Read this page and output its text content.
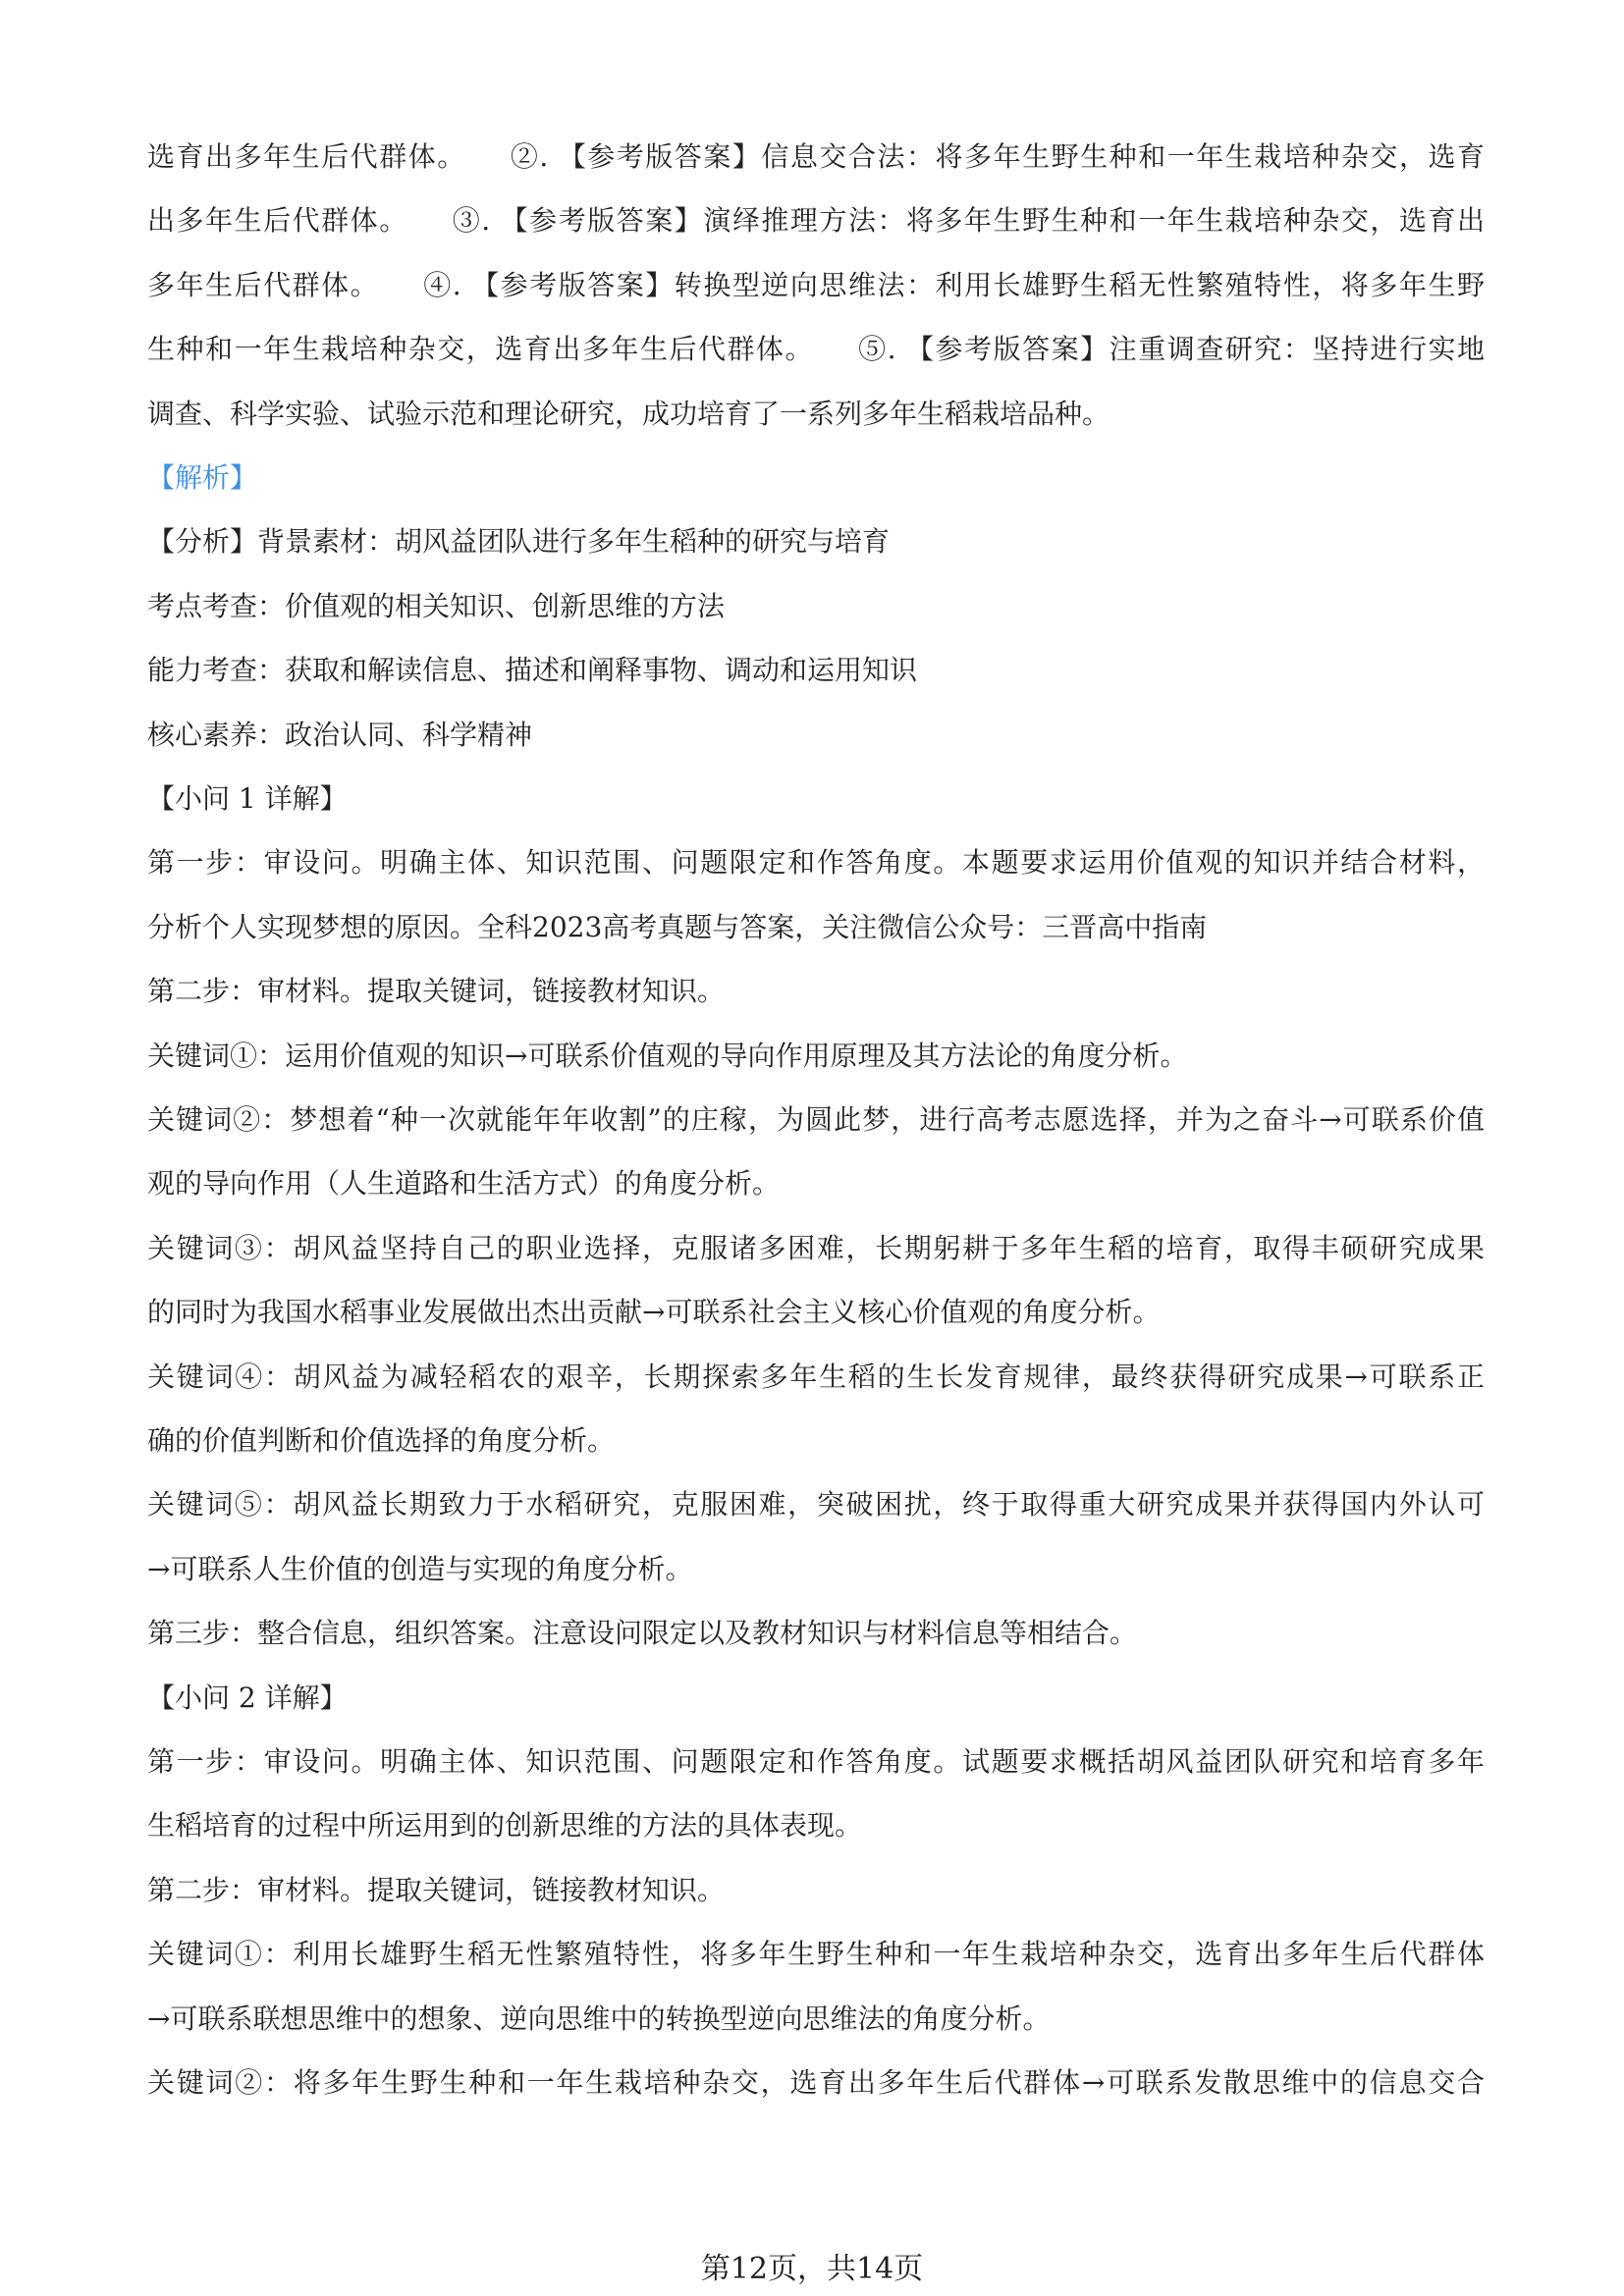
选育出多年生后代群体。　　②. 【参考版答案】信息交合法：将多年生野生种和一年生栽培种杂交，选育
出多年生后代群体。　　③. 【参考版答案】演绎推理方法：将多年生野生种和一年生栽培种杂交，选育出
多年生后代群体。　　④. 【参考版答案】转换型逆向思维法：利用长雄野生稻无性繁殖特性，将多年生野
生种和一年生栽培种杂交，选育出多年生后代群体。　　⑤. 【参考版答案】注重调查研究：坚持进行实地
调查、科学实验、试验示范和理论研究，成功培育了一系列多年生稻栽培品种。
【解析】
【分析】背景素材：胡风益团队进行多年生稻种的研究与培育
考点考查：价值观的相关知识、创新思维的方法
能力考查：获取和解读信息、描述和阐释事物、调动和运用知识
核心素养：政治认同、科学精神
【小问 1 详解】
第一步：审设问。明确主体、知识范围、问题限定和作答角度。本题要求运用价值观的知识并结合材料，
分析个人实现梦想的原因。全科2023高考真题与答案，关注微信公众号：三晋高中指南
第二步：审材料。提取关键词，链接教材知识。
关键词①：运用价值观的知识→可联系价值观的导向作用原理及其方法论的角度分析。
关键词②：梦想着“种一次就能年年收割”的庄稼，为圆此梦，进行高考志愿选择，并为之奋斗→可联系价值
观的导向作用（人生道路和生活方式）的角度分析。
关键词③：胡风益坚持自己的职业选择，克服诸多困难，长期躬耕于多年生稻的培育，取得丰硕研究成果
的同时为我国水稻事业发展做出杰出贡献→可联系社会主义核心价值观的角度分析。
关键词④：胡风益为减轻稻农的艰辛，长期探索多年生稻的生长发育规律，最终获得研究成果→可联系正
确的价值判断和价值选择的角度分析。
关键词⑤：胡风益长期致力于水稻研究，克服困难，突破困扰，终于取得重大研究成果并获得国内外认可
→可联系人生价值的创造与实现的角度分析。
第三步：整合信息，组织答案。注意设问限定以及教材知识与材料信息等相结合。
【小问 2 详解】
第一步：审设问。明确主体、知识范围、问题限定和作答角度。试题要求概括胡风益团队研究和培育多年
生稻培育的过程中所运用到的创新思维的方法的具体表现。
第二步：审材料。提取关键词，链接教材知识。
关键词①：利用长雄野生稻无性繁殖特性，将多年生野生种和一年生栽培种杂交，选育出多年生后代群体
→可联系联想思维中的想象、逆向思维中的转换型逆向思维法的角度分析。
关键词②：将多年生野生种和一年生栽培种杂交，选育出多年生后代群体→可联系发散思维中的信息交合
第12页，共14页
